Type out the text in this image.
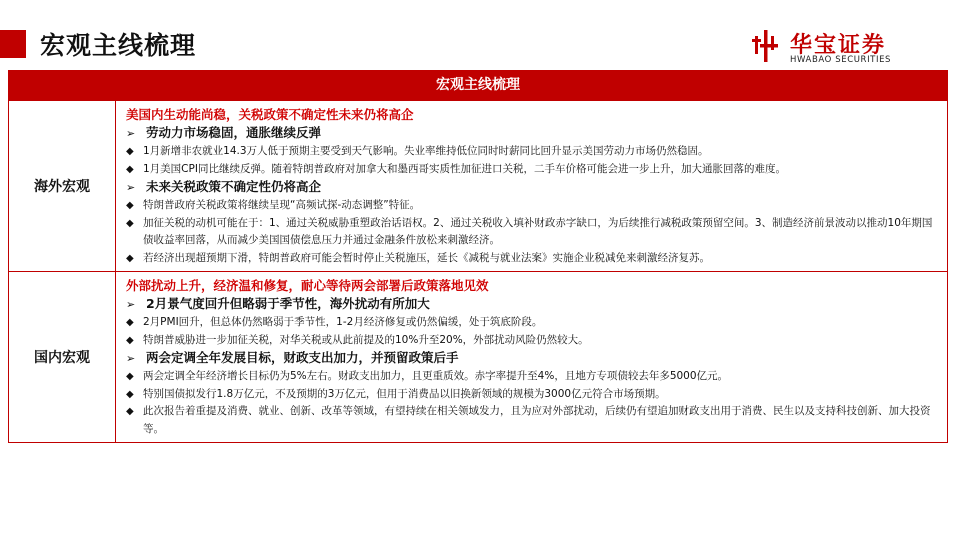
宏观主线梳理	华宝证券
HWABAO SECURITIES
宏观主线梳理
海外宏观
美国内生动能尚稳，关税政策不确定性未来仍将高企
➢ 劳动力市场稳固，通胀继续反弹
◆ 1月新增非农就业14.3万人低于预期主要受到天气影响。失业率维持低位同时时薪同比回升显示美国劳动力市场仍然稳固。
◆ 1月美国CPI同比继续反弹。随着特朗普政府对加拿大和墨西哥实质性加征进口关税，二手车价格可能会进一步上升，加大通胀回落的难度。
➢ 未来关税政策不确定性仍将高企
◆ 特朗普政府关税政策将继续呈现“高频试探-动态调整”特征。
◆ 加征关税的动机可能在于：1、通过关税威胁重塑政治话语权。2、通过关税收入填补财政赤字缺口，为后续推行减税政策预留空间。3、制造经济前景波动以推动10年期国债收益率回落，从而减少美国国债偿息压力并通过金融条件放松来刺激经济。
◆ 若经济出现超预期下滑，特朗普政府可能会暂时停止关税施压，延长《减税与就业法案》实施企业税减免来刺激经济复苏。
国内宏观
外部扰动上升，经济温和修复，耐心等待两会部署后政策落地见效
➢ 2月景气度回升但略弱于季节性，海外扰动有所加大
◆ 2月PMI回升，但总体仍然略弱于季节性，1-2月经济修复或仍然偏缓，处于筑底阶段。
◆ 特朗普威胁进一步加征关税，对华关税或从此前提及的10%升至20%，外部扰动风险仍然较大。
➢ 两会定调全年发展目标，财政支出加力，并预留政策后手
◆ 两会定调全年经济增长目标仍为5%左右。财政支出加力，且更重质效。赤字率提升至4%，且地方专项债较去年多5000亿元。
◆ 特别国债拟发行1.8万亿元，不及预期的3万亿元，但用于消费品以旧换新领域的规模为3000亿元符合市场预期。
◆ 此次报告着重提及消费、就业、创新、改革等领域，有望持续在相关领域发力，且为应对外部扰动，后续仍有望追加财政支出用于消费、民生以及支持科技创新、加大投资等。
